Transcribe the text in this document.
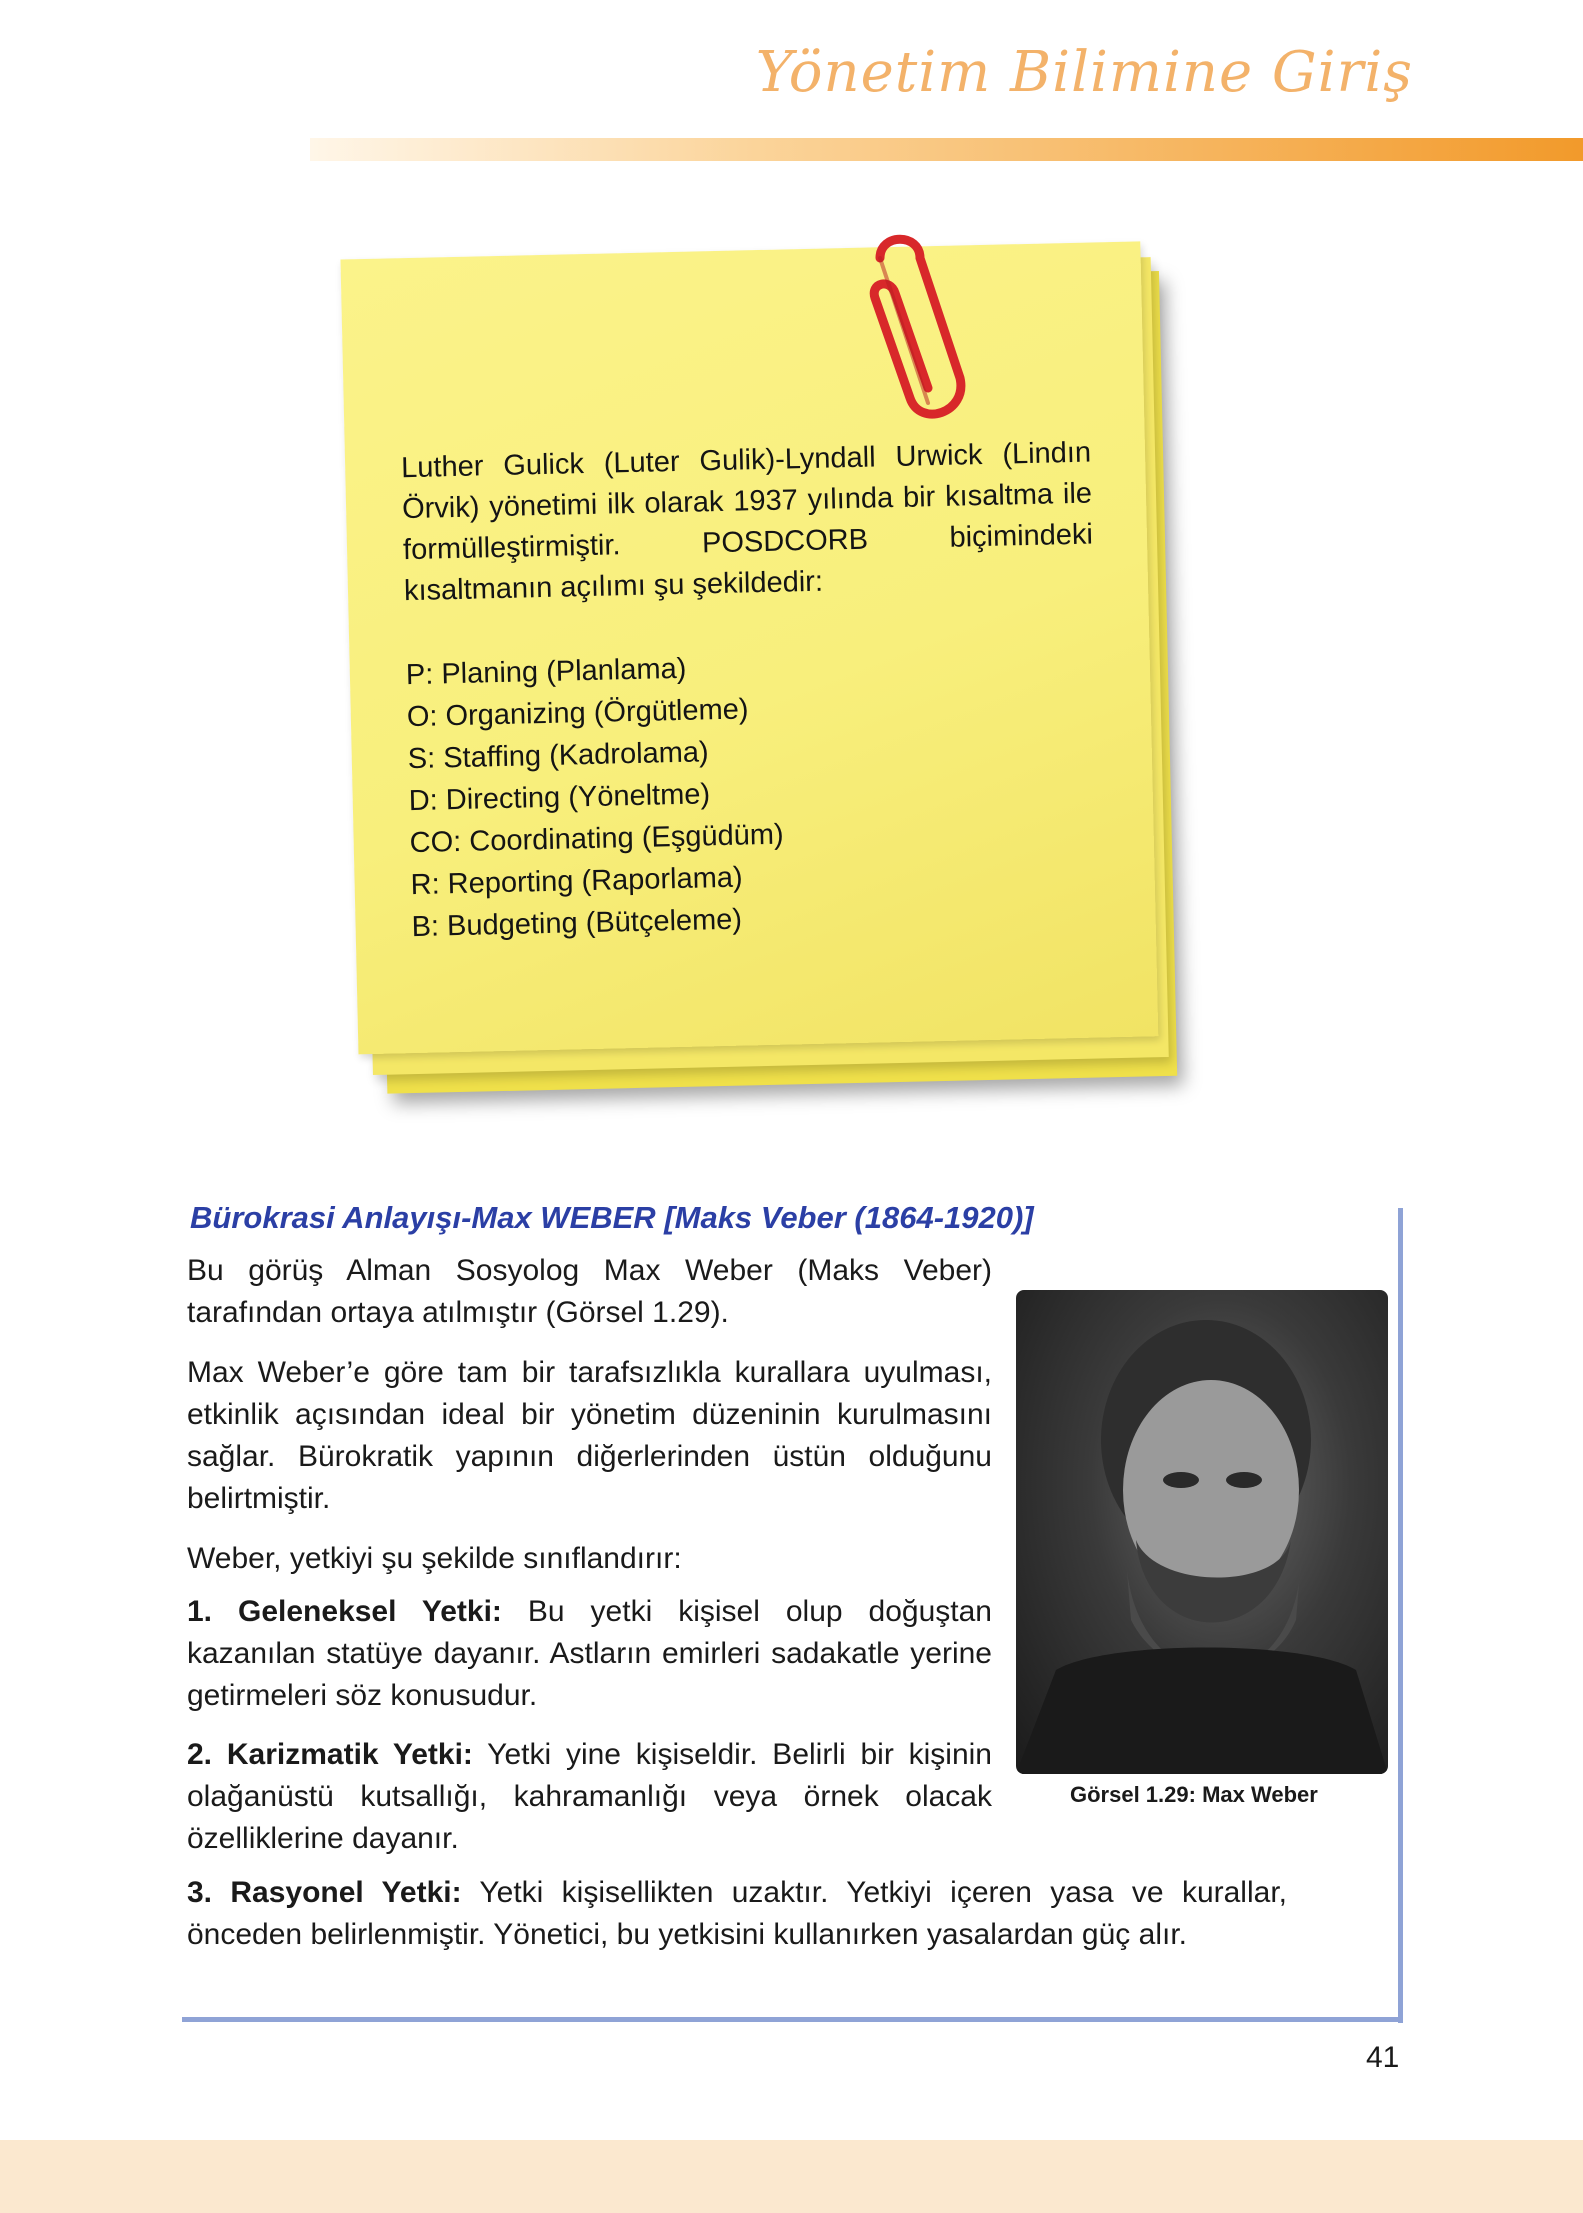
Yönetim Bilimine Giriş

Luther Gulick (Luter Gulik)-Lyndall Urwick (Lindın Örvik) yönetimi ilk olarak 1937 yılında bir kısaltma ile formülleştirmiştir. POSDCORB biçimindeki kısaltmanın açılımı şu şekildedir:

P: Planing (Planlama)
O: Organizing (Örgütleme)
S: Staffing (Kadrolama)
D: Directing (Yöneltme)
CO: Coordinating (Eşgüdüm)
R: Reporting (Raporlama)
B: Budgeting (Bütçeleme)
Bürokrasi Anlayışı-Max WEBER [Maks Veber (1864-1920)]

Bu görüş Alman Sosyolog Max Weber (Maks Veber) tarafından ortaya atılmıştır (Görsel 1.29).

Max Weber’e göre tam bir tarafsızlıkla kurallara uyulması, etkinlik açısından ideal bir yönetim düzeninin kurulmasını sağlar. Bürokratik yapının diğerlerinden üstün olduğunu belirtmiştir.

Weber, yetkiyi şu şekilde sınıflandırır:

1. Geleneksel Yetki: Bu yetki kişisel olup doğuştan kazanılan statüye dayanır. Astların emirleri sadakatle yerine getirmeleri söz konusudur.
2. Karizmatik Yetki: Yetki yine kişiseldir. Belirli bir kişinin olağanüstü kutsallığı, kahramanlığı veya örnek olacak özelliklerine dayanır.
3. Rasyonel Yetki: Yetki kişisellikten uzaktır. Yetkiyi içeren yasa ve kurallar, önceden belirlenmiştir. Yönetici, bu yetkisini kullanırken yasalardan güç alır.
Görsel 1.29: Max Weber
41
